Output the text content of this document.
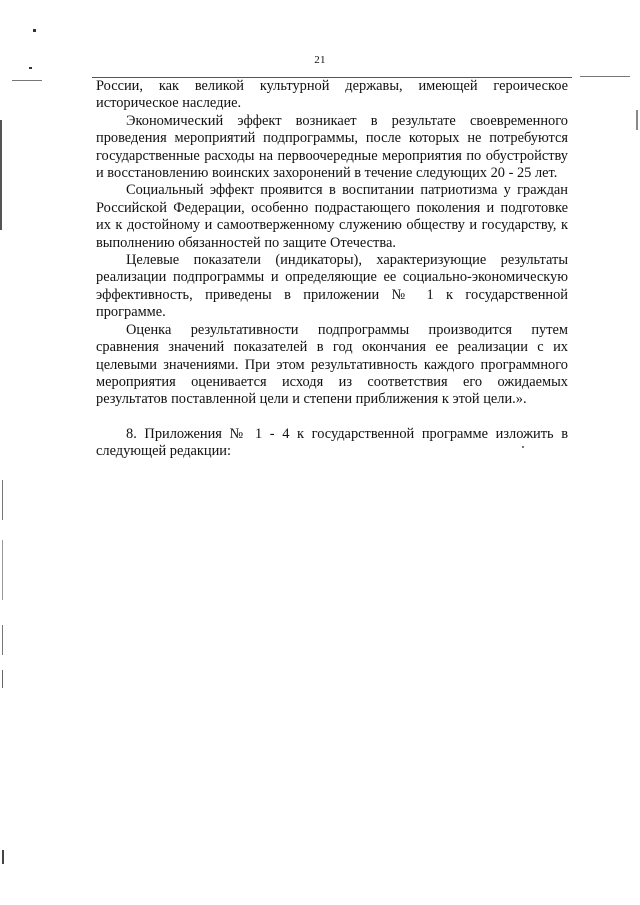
21

России, как великой культурной державы, имеющей героическое историческое наследие.

Экономический эффект возникает в результате своевременного проведения мероприятий подпрограммы, после которых не потребуются государственные расходы на первоочередные мероприятия по обустройству и восстановлению воинских захоронений в течение следующих 20 - 25 лет.

Социальный эффект проявится в воспитании патриотизма у граждан Российской Федерации, особенно подрастающего поколения и подготовке их к достойному и самоотверженному служению обществу и государству, к выполнению обязанностей по защите Отечества.

Целевые показатели (индикаторы), характеризующие результаты реализации подпрограммы и определяющие ее социально-экономическую эффективность, приведены в приложении № 1 к государственной программе.

Оценка результативности подпрограммы производится путем сравнения значений показателей в год окончания ее реализации с их целевыми значениями. При этом результативность каждого программного мероприятия оценивается исходя из соответствия его ожидаемых результатов поставленной цели и степени приближения к этой цели.».

8. Приложения № 1 - 4 к государственной программе изложить в следующей редакции:
